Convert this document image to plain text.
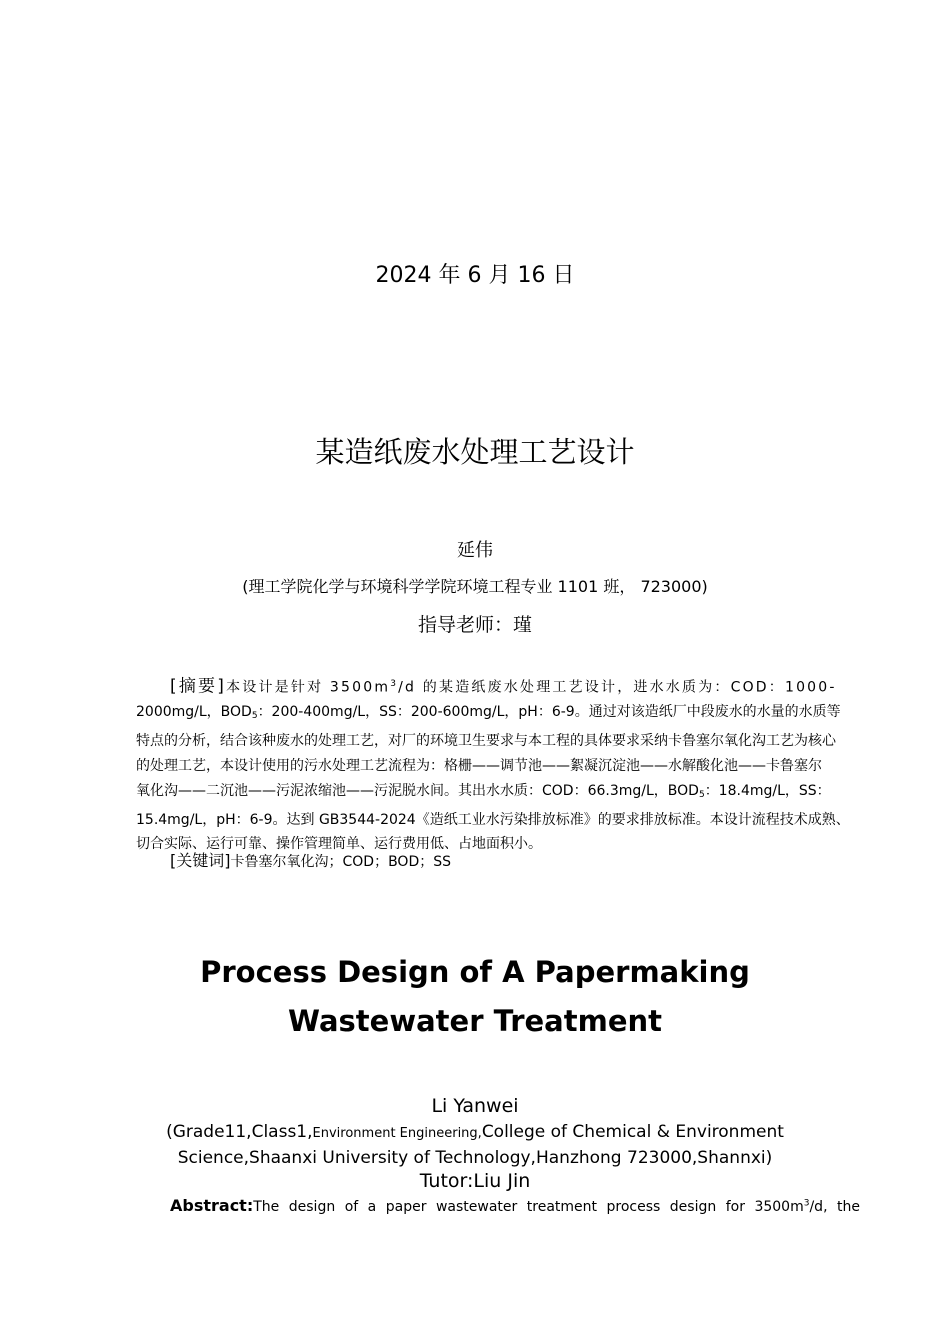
2024 年 6 月 16 日
某造纸废水处理工艺设计
延伟
(理工学院化学与环境科学学院环境工程专业 1101 班， 723000)
指导老师：瑾
[摘要]本设计是针对 $3500m^3/d$ 的某造纸废水处理工艺设计，进水水质为：COD：1000-
2000mg/L，$BOD_5$：200-400mg/L，SS：200-600mg/L，pH：6-9。通过对该造纸厂中段废水的水量的水质等
特点的分析，结合该种废水的处理工艺，对厂的环境卫生要求与本工程的具体要求采纳卡鲁塞尔氧化沟工艺为核心
的处理工艺，本设计使用的污水处理工艺流程为：格栅——调节池——絮凝沉淀池——水解酸化池——卡鲁塞尔
氧化沟——二沉池——污泥浓缩池——污泥脱水间。其出水水质：COD：66.3mg/L，$BOD_5$：18.4mg/L，SS：
15.4mg/L，pH：6-9。达到 GB3544-2024《造纸工业水污染排放标准》的要求排放标准。本设计流程技术成熟、
切合实际、运行可靠、操作管理简单、运行费用低、占地面积小。
[关键词]卡鲁塞尔氧化沟；COD；BOD；SS
Process Design of A Papermaking
Wastewater Treatment
Li Yanwei
(Grade11,Class1,Environment Engineering,College of Chemical & Environment
Science,Shaanxi University of Technology,Hanzhong 723000,Shannxi)
Tutor:Liu Jin
Abstract:The design of a paper wastewater treatment process design for $3500m^3/d$, the
